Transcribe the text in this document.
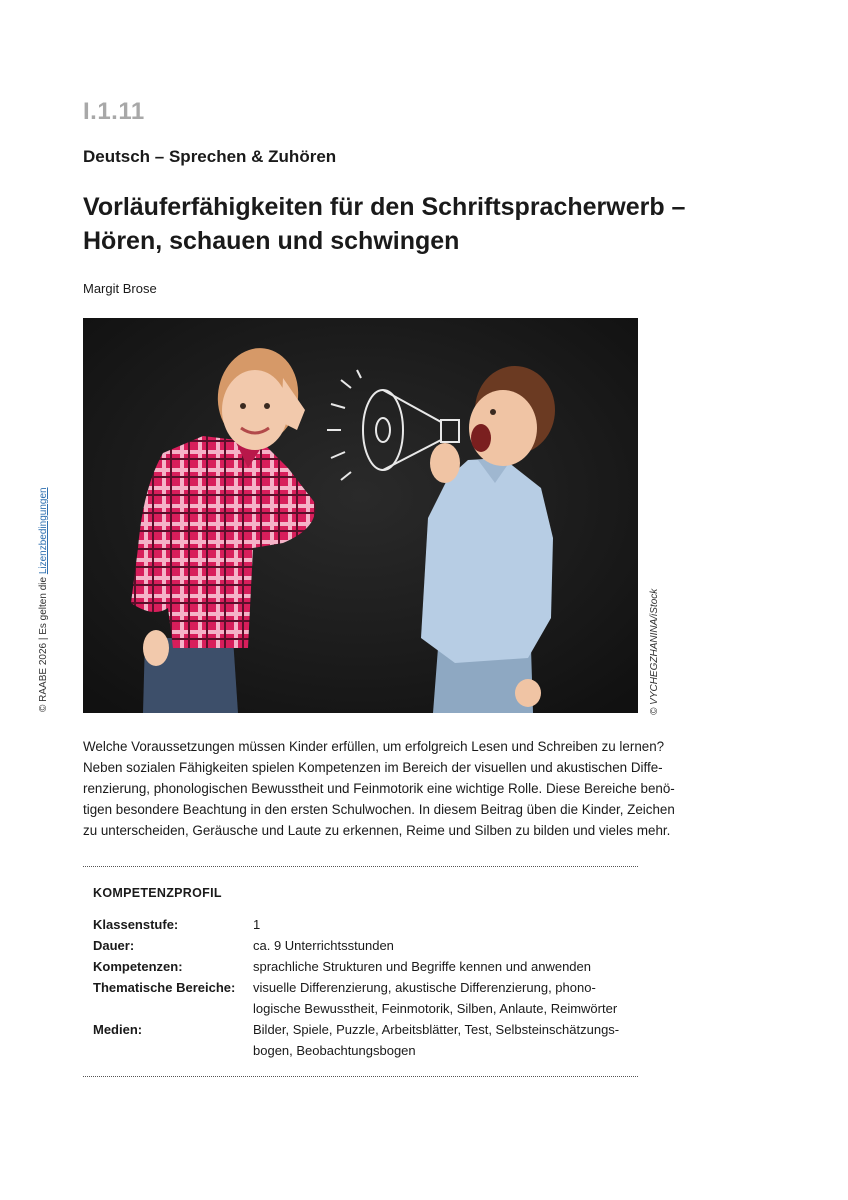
I.1.11
Deutsch – Sprechen & Zuhören
Vorläuferfähigkeiten für den Schriftspracherwerb –
Hören, schauen und schwingen
Margit Brose
© VYCHEGZHANINA/iStock
© RAABE 2026 | Es gelten die Lizenzbedingungen
Welche Voraussetzungen müssen Kinder erfüllen, um erfolgreich Lesen und Schreiben zu lernen?
Neben sozialen Fähigkeiten spielen Kompetenzen im Bereich der visuellen und akustischen Diffe-
renzierung, phonologischen Bewusstheit und Feinmotorik eine wichtige Rolle. Diese Bereiche benö-
tigen besondere Beachtung in den ersten Schulwochen. In diesem Beitrag üben die Kinder, Zeichen
zu unterscheiden, Geräusche und Laute zu erkennen, Reime und Silben zu bilden und vieles mehr.
KOMPETENZPROFIL
Klassenstufe:	1
Dauer:	ca. 9 Unterrichtsstunden
Kompetenzen:	sprachliche Strukturen und Begriffe kennen und anwenden
Thematische Bereiche: visuelle Differenzierung, akustische Differenzierung, phono-
logische Bewusstheit, Feinmotorik, Silben, Anlaute, Reimwörter
Medien:	Bilder, Spiele, Puzzle, Arbeitsblätter, Test, Selbsteinschätzungs-
bogen, Beobachtungsbogen
